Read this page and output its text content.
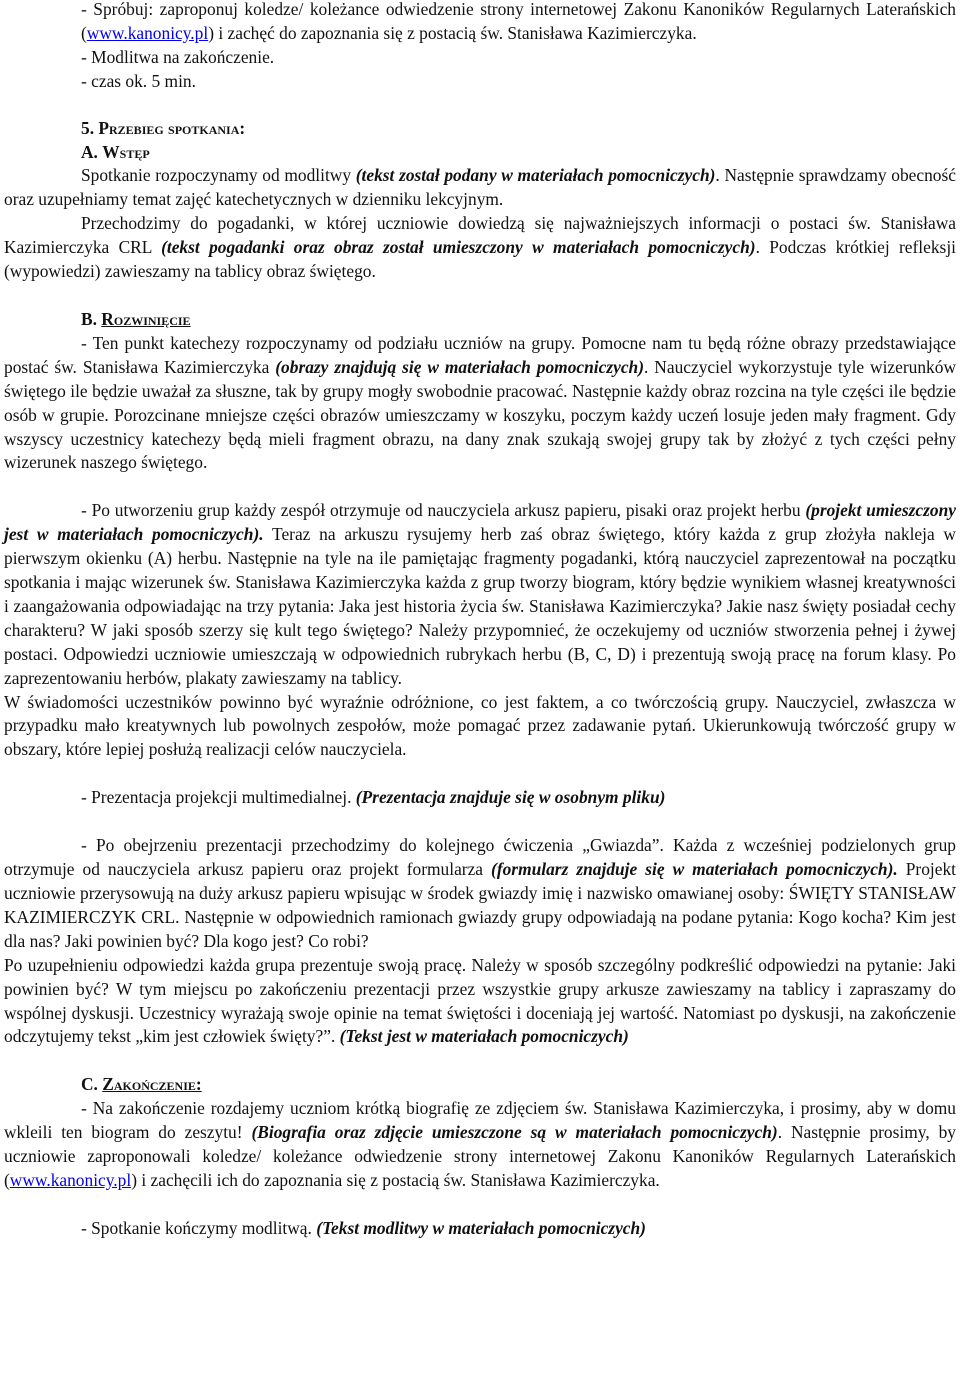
- Spróbuj: zaproponuj koledze/ koleżance odwiedzenie strony internetowej Zakonu Kanoników Regularnych Laterańskich (www.kanonicy.pl) i zachęć do zapoznania się z postacią św. Stanisława Kazimierczyka.

- Modlitwa na zakończenie.

- czas ok. 5 min.

5. Przebieg spotkania:

A. Wstęp

Spotkanie rozpoczynamy od modlitwy (tekst został podany w materiałach pomocniczych). Następnie sprawdzamy obecność oraz uzupełniamy temat zajęć katechetycznych w dzienniku lekcyjnym.

Przechodzimy do pogadanki, w której uczniowie dowiedzą się najważniejszych informacji o postaci św. Stanisława Kazimierczyka CRL (tekst pogadanki oraz obraz został umieszczony w materiałach pomocniczych). Podczas krótkiej refleksji (wypowiedzi) zawieszamy na tablicy obraz świętego.

B. Rozwinięcie

- Ten punkt katechezy rozpoczynamy od podziału uczniów na grupy. Pomocne nam tu będą różne obrazy przedstawiające postać św. Stanisława Kazimierczyka (obrazy znajdują się w materiałach pomocniczych). Nauczyciel wykorzystuje tyle wizerunków świętego ile będzie uważał za słuszne, tak by grupy mogły swobodnie pracować. Następnie każdy obraz rozcina na tyle części ile będzie osób w grupie. Porozcinane mniejsze części obrazów umieszczamy w koszyku, poczym każdy uczeń losuje jeden mały fragment. Gdy wszyscy uczestnicy katechezy będą mieli fragment obrazu, na dany znak szukają swojej grupy tak by złożyć z tych części pełny wizerunek naszego świętego.

- Po utworzeniu grup każdy zespół otrzymuje od nauczyciela arkusz papieru, pisaki oraz projekt herbu (projekt umieszczony jest w materiałach pomocniczych). Teraz na arkuszu rysujemy herb zaś obraz świętego, który każda z grup złożyła nakleja w pierwszym okienku (A) herbu. Następnie na tyle na ile pamiętając fragmenty pogadanki, którą nauczyciel zaprezentował na początku spotkania i mając wizerunek św. Stanisława Kazimierczyka każda z grup tworzy biogram, który będzie wynikiem własnej kreatywności i zaangażowania odpowiadając na trzy pytania: Jaka jest historia życia św. Stanisława Kazimierczyka? Jakie nasz święty posiadał cechy charakteru? W jaki sposób szerzy się kult tego świętego? Należy przypomnieć, że oczekujemy od uczniów stworzenia pełnej i żywej postaci. Odpowiedzi uczniowie umieszczają w odpowiednich rubrykach herbu (B, C, D) i prezentują swoją pracę na forum klasy. Po zaprezentowaniu herbów, plakaty zawieszamy na tablicy.

W świadomości uczestników powinno być wyraźnie odróżnione, co jest faktem, a co twórczością grupy. Nauczyciel, zwłaszcza w przypadku mało kreatywnych lub powolnych zespołów, może pomagać przez zadawanie pytań. Ukierunkowują twórczość grupy w obszary, które lepiej posłużą realizacji celów nauczyciela.

- Prezentacja projekcji multimedialnej. (Prezentacja znajduje się w osobnym pliku)

- Po obejrzeniu prezentacji przechodzimy do kolejnego ćwiczenia „Gwiazda”. Każda z wcześniej podzielonych grup otrzymuje od nauczyciela arkusz papieru oraz projekt formularza (formularz znajduje się w materiałach pomocniczych). Projekt uczniowie przerysowują na duży arkusz papieru wpisując w środek gwiazdy imię i nazwisko omawianej osoby: ŚWIĘTY STANISŁAW KAZIMIERCZYK CRL. Następnie w odpowiednich ramionach gwiazdy grupy odpowiadają na podane pytania: Kogo kocha? Kim jest dla nas? Jaki powinien być? Dla kogo jest? Co robi?

Po uzupełnieniu odpowiedzi każda grupa prezentuje swoją pracę. Należy w sposób szczególny podkreślić odpowiedzi na pytanie: Jaki powinien być? W tym miejscu po zakończeniu prezentacji przez wszystkie grupy arkusze zawieszamy na tablicy i zapraszamy do wspólnej dyskusji. Uczestnicy wyrażają swoje opinie na temat świętości i doceniają jej wartość. Natomiast po dyskusji, na zakończenie odczytujemy tekst „kim jest człowiek święty?”. (Tekst jest w materiałach pomocniczych)

C. Zakończenie:

- Na zakończenie rozdajemy uczniom krótką biografię ze zdjęciem św. Stanisława Kazimierczyka, i prosimy, aby w domu wkleili ten biogram do zeszytu! (Biografia oraz zdjęcie umieszczone są w materiałach pomocniczych). Następnie prosimy, by uczniowie zaproponowali koledze/ koleżance odwiedzenie strony internetowej Zakonu Kanoników Regularnych Laterańskich (www.kanonicy.pl) i zachęcili ich do zapoznania się z postacią św. Stanisława Kazimierczyka.

- Spotkanie kończymy modlitwą. (Tekst modlitwy w materiałach pomocniczych)
